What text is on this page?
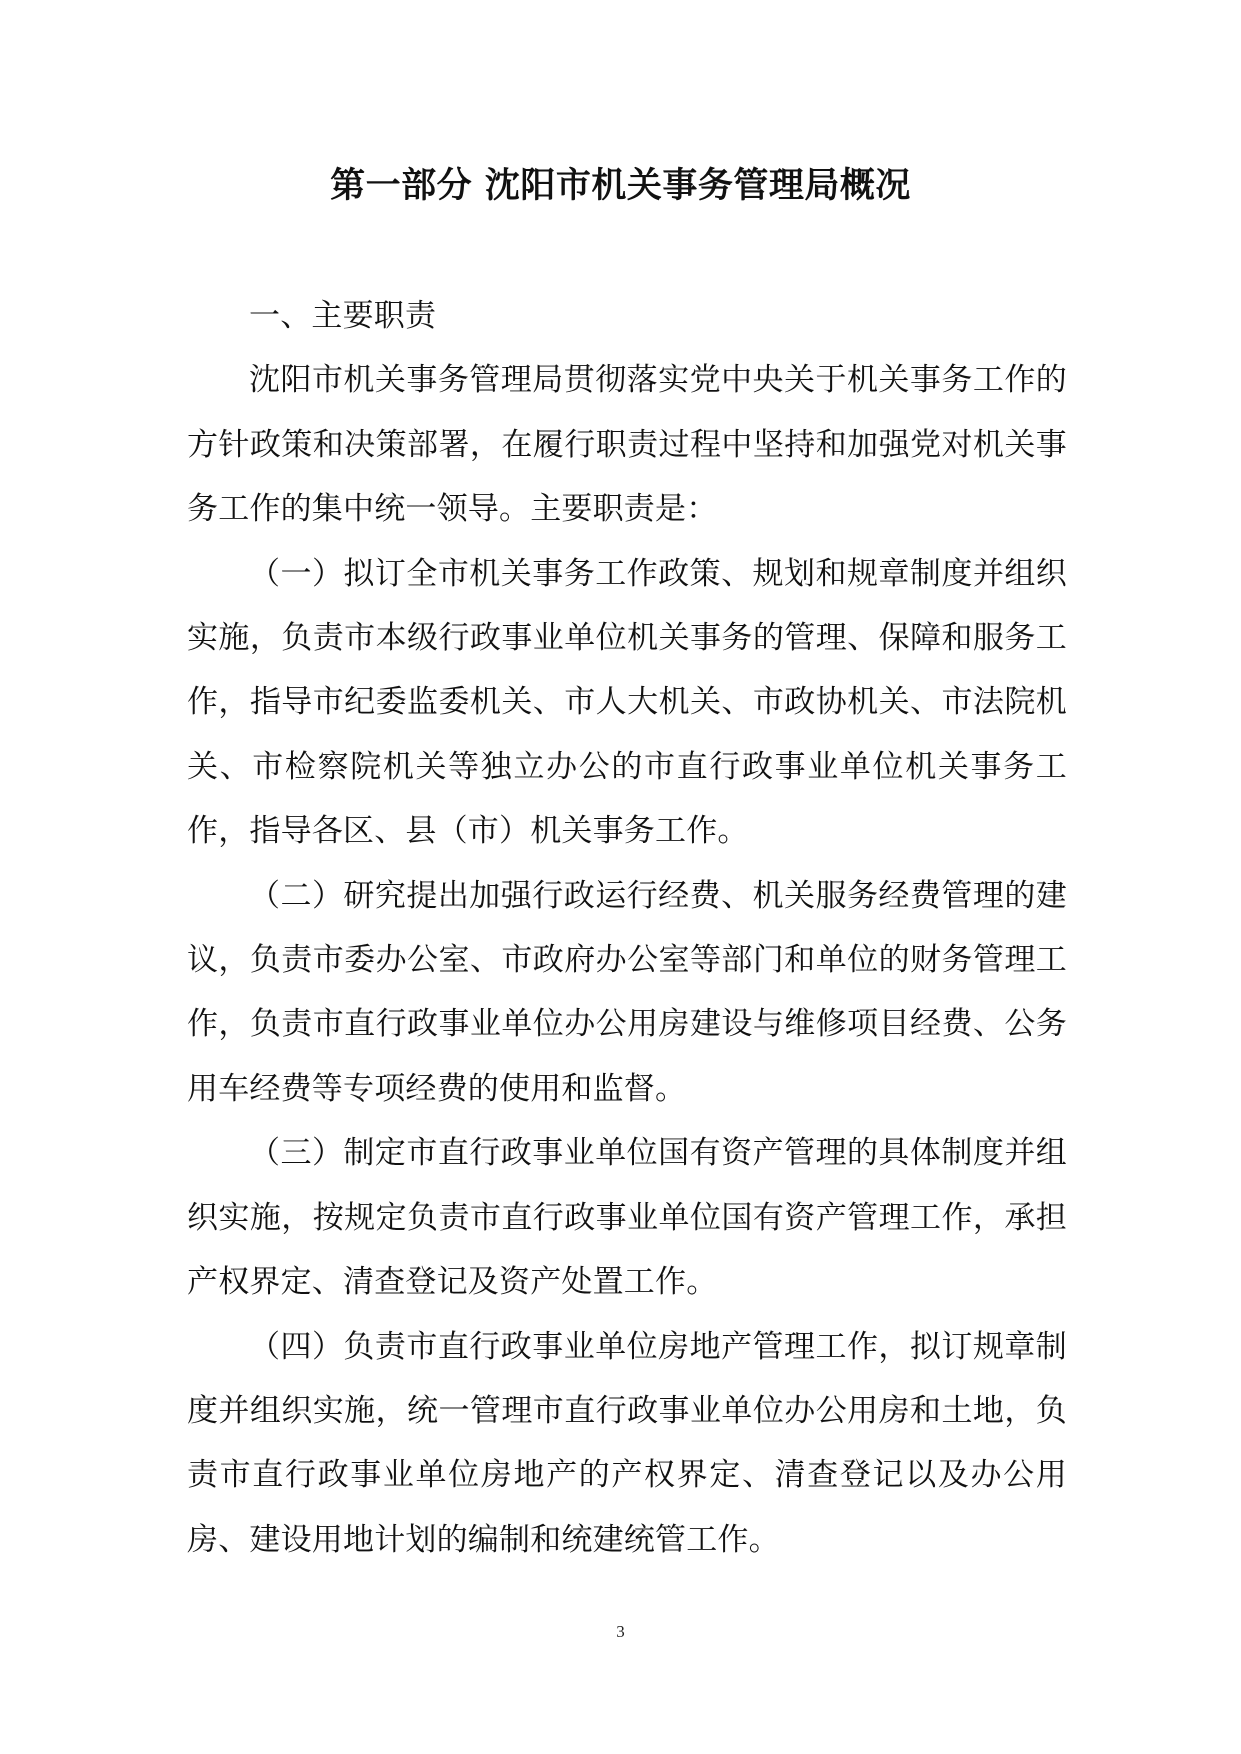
第一部分 沈阳市机关事务管理局概况
一、主要职责

沈阳市机关事务管理局贯彻落实党中央关于机关事务工作的方针政策和决策部署，在履行职责过程中坚持和加强党对机关事务工作的集中统一领导。主要职责是：

（一）拟订全市机关事务工作政策、规划和规章制度并组织实施，负责市本级行政事业单位机关事务的管理、保障和服务工作，指导市纪委监委机关、市人大机关、市政协机关、市法院机关、市检察院机关等独立办公的市直行政事业单位机关事务工作，指导各区、县（市）机关事务工作。

（二）研究提出加强行政运行经费、机关服务经费管理的建议，负责市委办公室、市政府办公室等部门和单位的财务管理工作，负责市直行政事业单位办公用房建设与维修项目经费、公务用车经费等专项经费的使用和监督。

（三）制定市直行政事业单位国有资产管理的具体制度并组织实施，按规定负责市直行政事业单位国有资产管理工作，承担产权界定、清查登记及资产处置工作。

（四）负责市直行政事业单位房地产管理工作，拟订规章制度并组织实施，统一管理市直行政事业单位办公用房和土地，负责市直行政事业单位房地产的产权界定、清查登记以及办公用房、建设用地计划的编制和统建统管工作。

3
